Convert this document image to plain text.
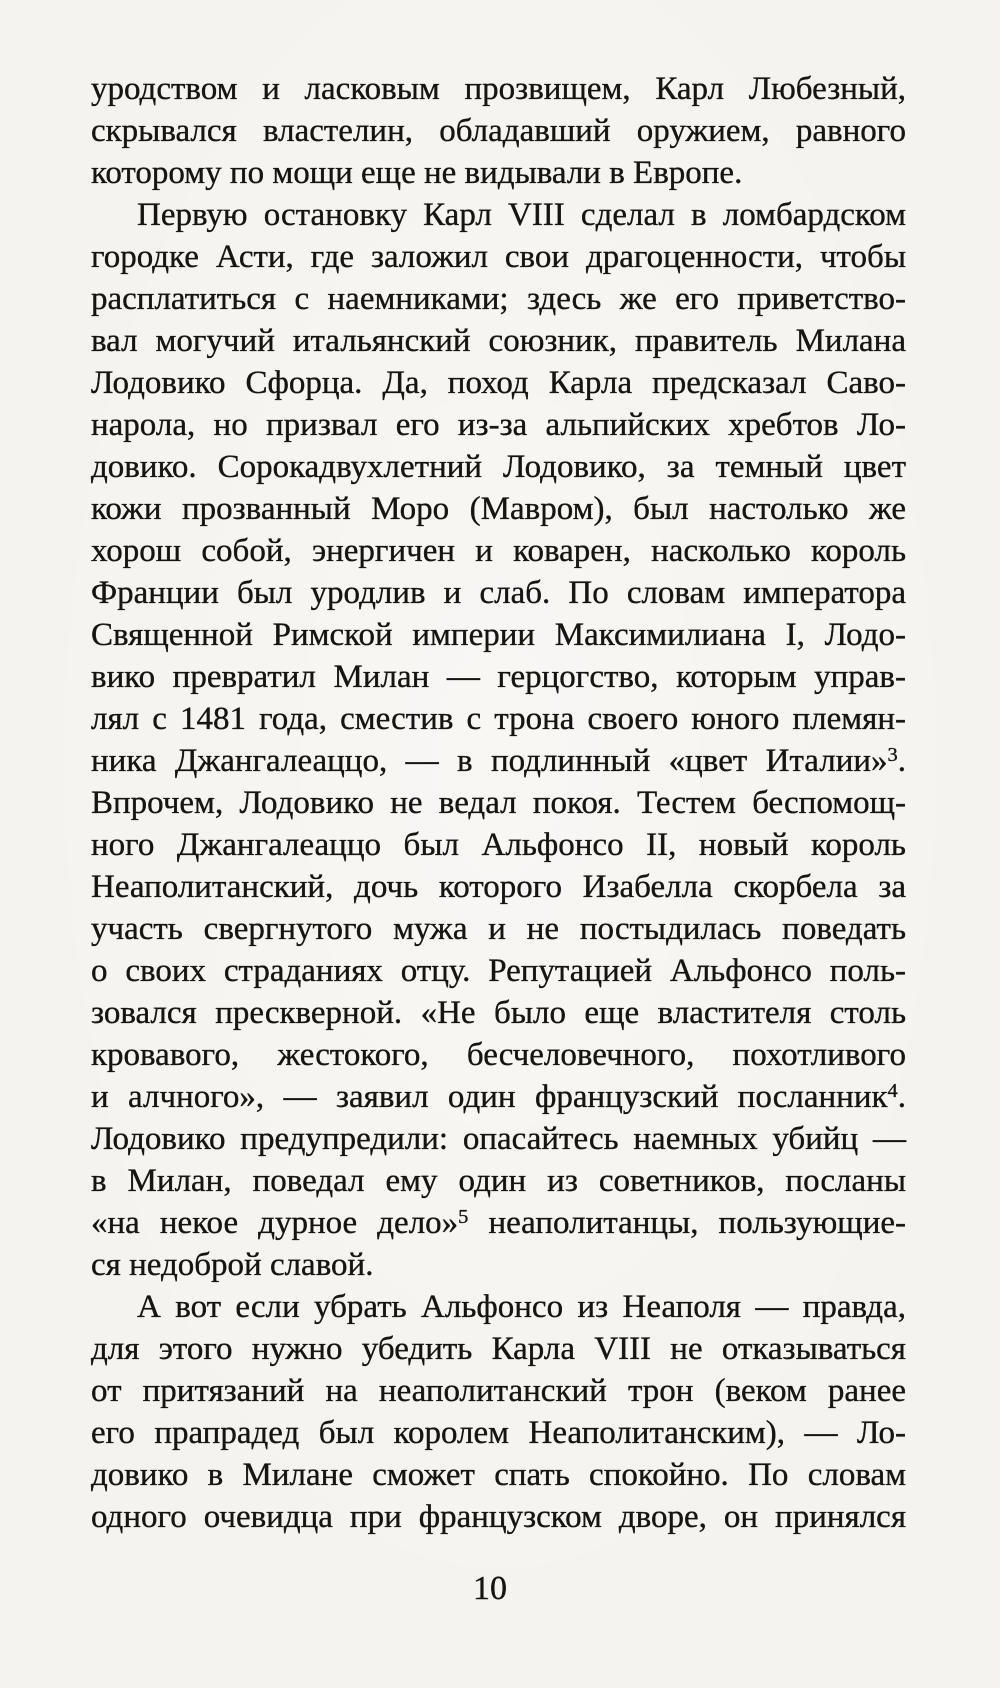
уродством и ласковым прозвищем, Карл Любезный,
скрывался властелин, обладавший оружием, равного
которому по мощи еще не видывали в Европе.
Первую остановку Карл VIII сделал в ломбардском
городке Асти, где заложил свои драгоценности, чтобы
расплатиться с наемниками; здесь же его приветство-
вал могучий итальянский союзник, правитель Милана
Лодовико Сфорца. Да, поход Карла предсказал Саво-
нарола, но призвал его из-за альпийских хребтов Ло-
довико. Сорокадвухлетний Лодовико, за темный цвет
кожи прозванный Моро (Мавром), был настолько же
хорош собой, энергичен и коварен, насколько король
Франции был уродлив и слаб. По словам императора
Священной Римской империи Максимилиана I, Лодо-
вико превратил Милан — герцогство, которым управ-
лял с 1481 года, сместив с трона своего юного племян-
ника Джангалеаццо, — в подлинный «цвет Италии»$^3$.
Впрочем, Лодовико не ведал покоя. Тестем беспомощ-
ного Джангалеаццо был Альфонсо II, новый король
Неаполитанский, дочь которого Изабелла скорбела за
участь свергнутого мужа и не постыдилась поведать
о своих страданиях отцу. Репутацией Альфонсо поль-
зовался прескверной. «Не было еще властителя столь
кровавого, жестокого, бесчеловечного, похотливого
и алчного», — заявил один французский посланник$^4$.
Лодовико предупредили: опасайтесь наемных убийц —
в Милан, поведал ему один из советников, посланы
«на некое дурное дело»$^5$ неаполитанцы, пользующие-
ся недоброй славой.
А вот если убрать Альфонсо из Неаполя — правда,
для этого нужно убедить Карла VIII не отказываться
от притязаний на неаполитанский трон (веком ранее
его прапрадед был королем Неаполитанским), — Ло-
довико в Милане сможет спать спокойно. По словам
одного очевидца при французском дворе, он принялся
10
